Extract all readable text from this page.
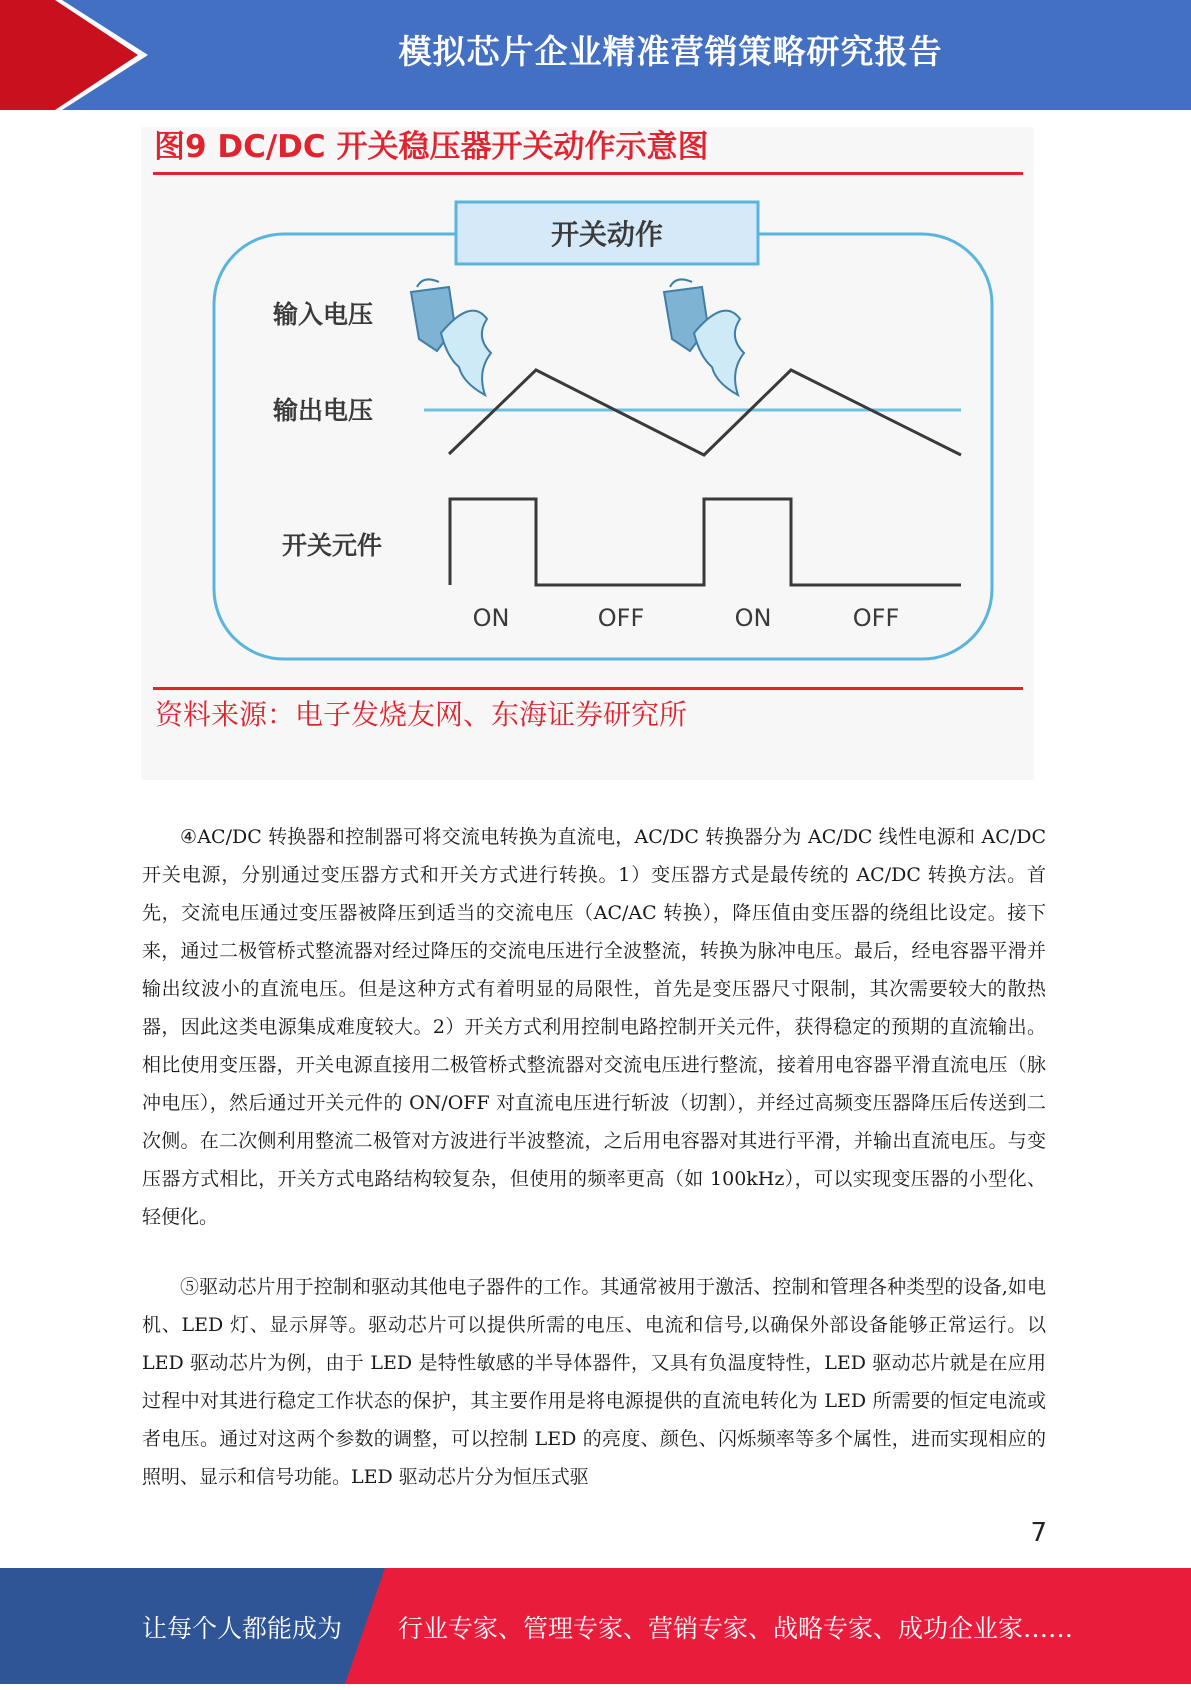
模拟芯片企业精准营销策略研究报告
图9 DC/DC 开关稳压器开关动作示意图
开关动作
输入电压
输出电压
开关元件
ON	OFF	ON	OFF
资料来源：电子发烧友网、东海证券研究所

④AC/DC 转换器和控制器可将交流电转换为直流电，AC/DC 转换器分为 AC/DC 线性电源和 AC/DC 开关电源，分别通过变压器方式和开关方式进行转换。1）变压器方式是最传统的 AC/DC 转换方法。首先，交流电压通过变压器被降压到适当的交流电压（AC/AC 转换），降压值由变压器的绕组比设定。接下来，通过二极管桥式整流器对经过降压的交流电压进行全波整流，转换为脉冲电压。最后，经电容器平滑并输出纹波小的直流电压。但是这种方式有着明显的局限性，首先是变压器尺寸限制，其次需要较大的散热器，因此这类电源集成难度较大。2）开关方式利用控制电路控制开关元件，获得稳定的预期的直流输出。相比使用变压器，开关电源直接用二极管桥式整流器对交流电压进行整流，接着用电容器平滑直流电压（脉冲电压），然后通过开关元件的 ON/OFF 对直流电压进行斩波（切割），并经过高频变压器降压后传送到二次侧。在二次侧利用整流二极管对方波进行半波整流，之后用电容器对其进行平滑，并输出直流电压。与变压器方式相比，开关方式电路结构较复杂，但使用的频率更高（如 100kHz），可以实现变压器的小型化、轻便化。

⑤驱动芯片用于控制和驱动其他电子器件的工作。其通常被用于激活、控制和管理各种类型的设备,如电机、LED 灯、显示屏等。驱动芯片可以提供所需的电压、电流和信号,以确保外部设备能够正常运行。以 LED 驱动芯片为例，由于 LED 是特性敏感的半导体器件，又具有负温度特性，LED 驱动芯片就是在应用过程中对其进行稳定工作状态的保护，其主要作用是将电源提供的直流电转化为 LED 所需要的恒定电流或者电压。通过对这两个参数的调整，可以控制 LED 的亮度、颜色、闪烁频率等多个属性，进而实现相应的照明、显示和信号功能。LED 驱动芯片分为恒压式驱

7
让每个人都能成为 行业专家、管理专家、营销专家、战略专家、成功企业家……
